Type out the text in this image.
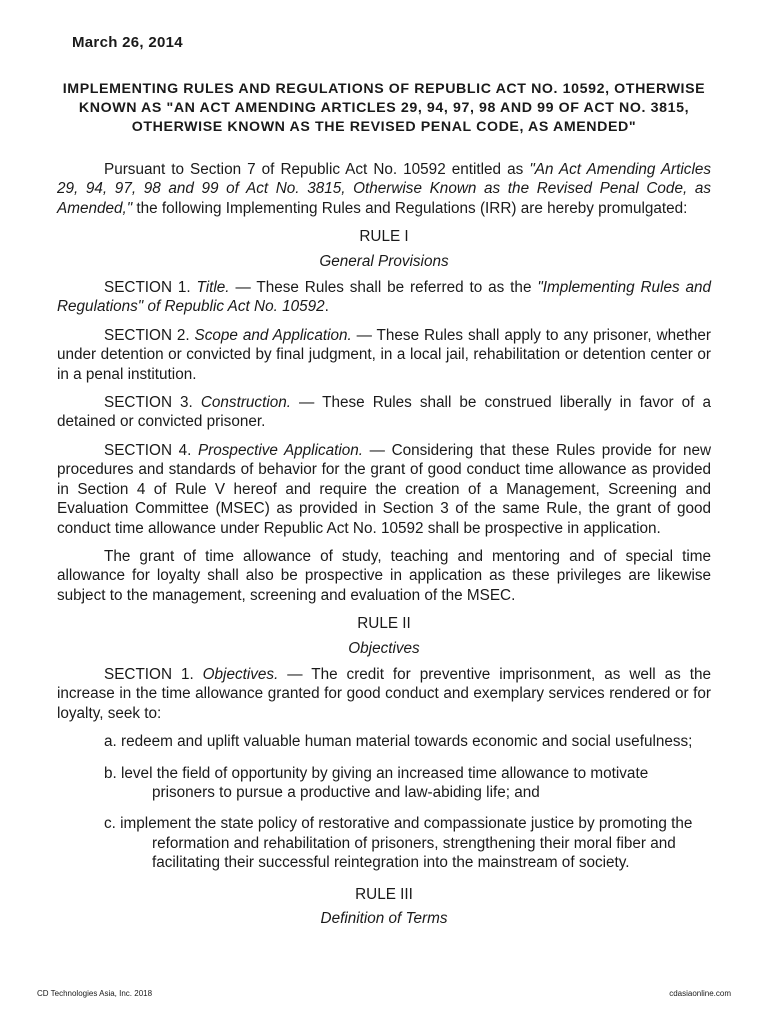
March 26, 2014
IMPLEMENTING RULES AND REGULATIONS OF REPUBLIC ACT NO. 10592, OTHERWISE KNOWN AS "AN ACT AMENDING ARTICLES 29, 94, 97, 98 AND 99 OF ACT NO. 3815, OTHERWISE KNOWN AS THE REVISED PENAL CODE, AS AMENDED"

Pursuant to Section 7 of Republic Act No. 10592 entitled as "An Act Amending Articles 29, 94, 97, 98 and 99 of Act No. 3815, Otherwise Known as the Revised Penal Code, as Amended," the following Implementing Rules and Regulations (IRR) are hereby promulgated:

RULE I
General Provisions

SECTION 1. Title. — These Rules shall be referred to as the "Implementing Rules and Regulations" of Republic Act No. 10592.

SECTION 2. Scope and Application. — These Rules shall apply to any prisoner, whether under detention or convicted by final judgment, in a local jail, rehabilitation or detention center or in a penal institution.

SECTION 3. Construction. — These Rules shall be construed liberally in favor of a detained or convicted prisoner.

SECTION 4. Prospective Application. — Considering that these Rules provide for new procedures and standards of behavior for the grant of good conduct time allowance as provided in Section 4 of Rule V hereof and require the creation of a Management, Screening and Evaluation Committee (MSEC) as provided in Section 3 of the same Rule, the grant of good conduct time allowance under Republic Act No. 10592 shall be prospective in application.

The grant of time allowance of study, teaching and mentoring and of special time allowance for loyalty shall also be prospective in application as these privileges are likewise subject to the management, screening and evaluation of the MSEC.

RULE II
Objectives

SECTION 1. Objectives. — The credit for preventive imprisonment, as well as the increase in the time allowance granted for good conduct and exemplary services rendered or for loyalty, seek to:

a. redeem and uplift valuable human material towards economic and social usefulness;

b. level the field of opportunity by giving an increased time allowance to motivate prisoners to pursue a productive and law-abiding life; and

c. implement the state policy of restorative and compassionate justice by promoting the reformation and rehabilitation of prisoners, strengthening their moral fiber and facilitating their successful reintegration into the mainstream of society.

RULE III
Definition of Terms
CD Technologies Asia, Inc. 2018	cdasiaonline.com
